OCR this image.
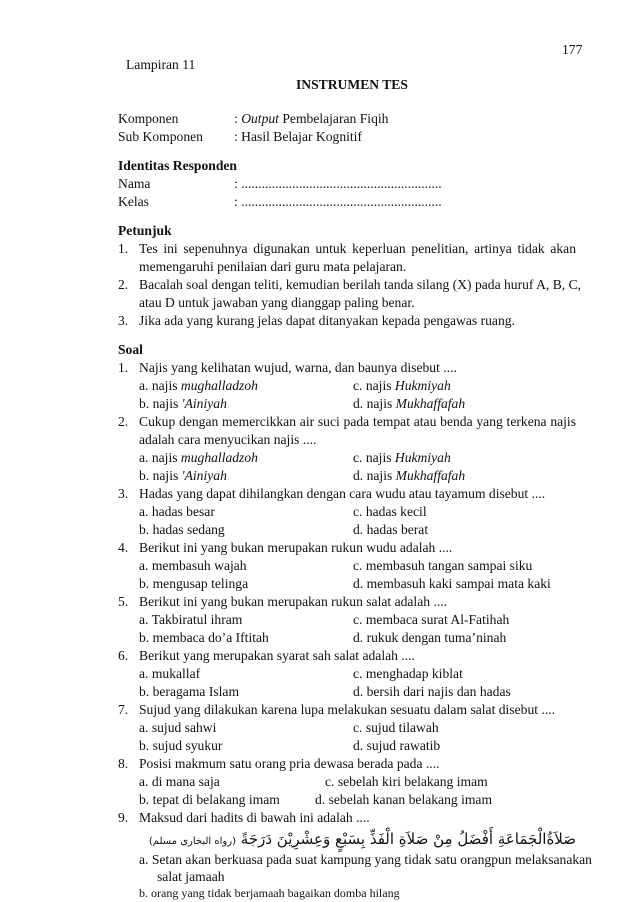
177
Lampiran 11
INSTRUMEN TES
Komponen	: Output Pembelajaran Fiqih
Sub Komponen : Hasil Belajar Kognitif
Identitas Responden
Nama	: ...........................................................
Kelas	: ...........................................................
Petunjuk
1. Tes ini sepenuhnya digunakan untuk keperluan penelitian, artinya tidak akan
memengaruhi penilaian dari guru mata pelajaran.
2. Bacalah soal dengan teliti, kemudian berilah tanda silang (X) pada huruf A, B, C,
atau D untuk jawaban yang dianggap paling benar.
3. Jika ada yang kurang jelas dapat ditanyakan kepada pengawas ruang.
Soal
1. Najis yang kelihatan wujud, warna, dan baunya disebut ....
a. najis mughalladzoh	c. najis Hukmiyah
b. najis 'Ainiyah	d. najis Mukhaffafah
2. Cukup dengan memercikkan air suci pada tempat atau benda yang terkena najis
adalah cara menyucikan najis ....
a. najis mughalladzoh	c. najis Hukmiyah
b. najis 'Ainiyah	d. najis Mukhaffafah
3. Hadas yang dapat dihilangkan dengan cara wudu atau tayamum disebut ....
a. hadas besar	c. hadas kecil
b. hadas sedang	d. hadas berat
4. Berikut ini yang bukan merupakan rukun wudu adalah ....
a. membasuh wajah	c. membasuh tangan sampai siku
b. mengusap telinga	d. membasuh kaki sampai mata kaki
5. Berikut ini yang bukan merupakan rukun salat adalah ....
a. Takbiratul ihram	c. membaca surat Al-Fatihah
b. membaca do’a Iftitah	d. rukuk dengan tuma’ninah
6. Berikut yang merupakan syarat sah salat adalah ....
a. mukallaf	c. menghadap kiblat
b. beragama Islam	d. bersih dari najis dan hadas
7. Sujud yang dilakukan karena lupa melakukan sesuatu dalam salat disebut ....
a. sujud sahwi	c. sujud tilawah
b. sujud syukur	d. sujud rawatib
8. Posisi makmum satu orang pria dewasa berada pada ....
a. di mana saja	c. sebelah kiri belakang imam
b. tepat di belakang imam	d. sebelah kanan belakang imam
9. Maksud dari hadits di bawah ini adalah ....
صَلاَةُالْجَمَاعَةِ أَفْضَلُ مِنْ صَلاَةِ الْفَذِّ بِسَبْعٍ وَعِشْرِيْنَ دَرَجَةً (رواه البخارى مسلم)
a. Setan akan berkuasa pada suat kampung yang tidak satu orangpun melaksanakan
salat jamaah
b. orang yang tidak berjamaah bagaikan domba hilang
